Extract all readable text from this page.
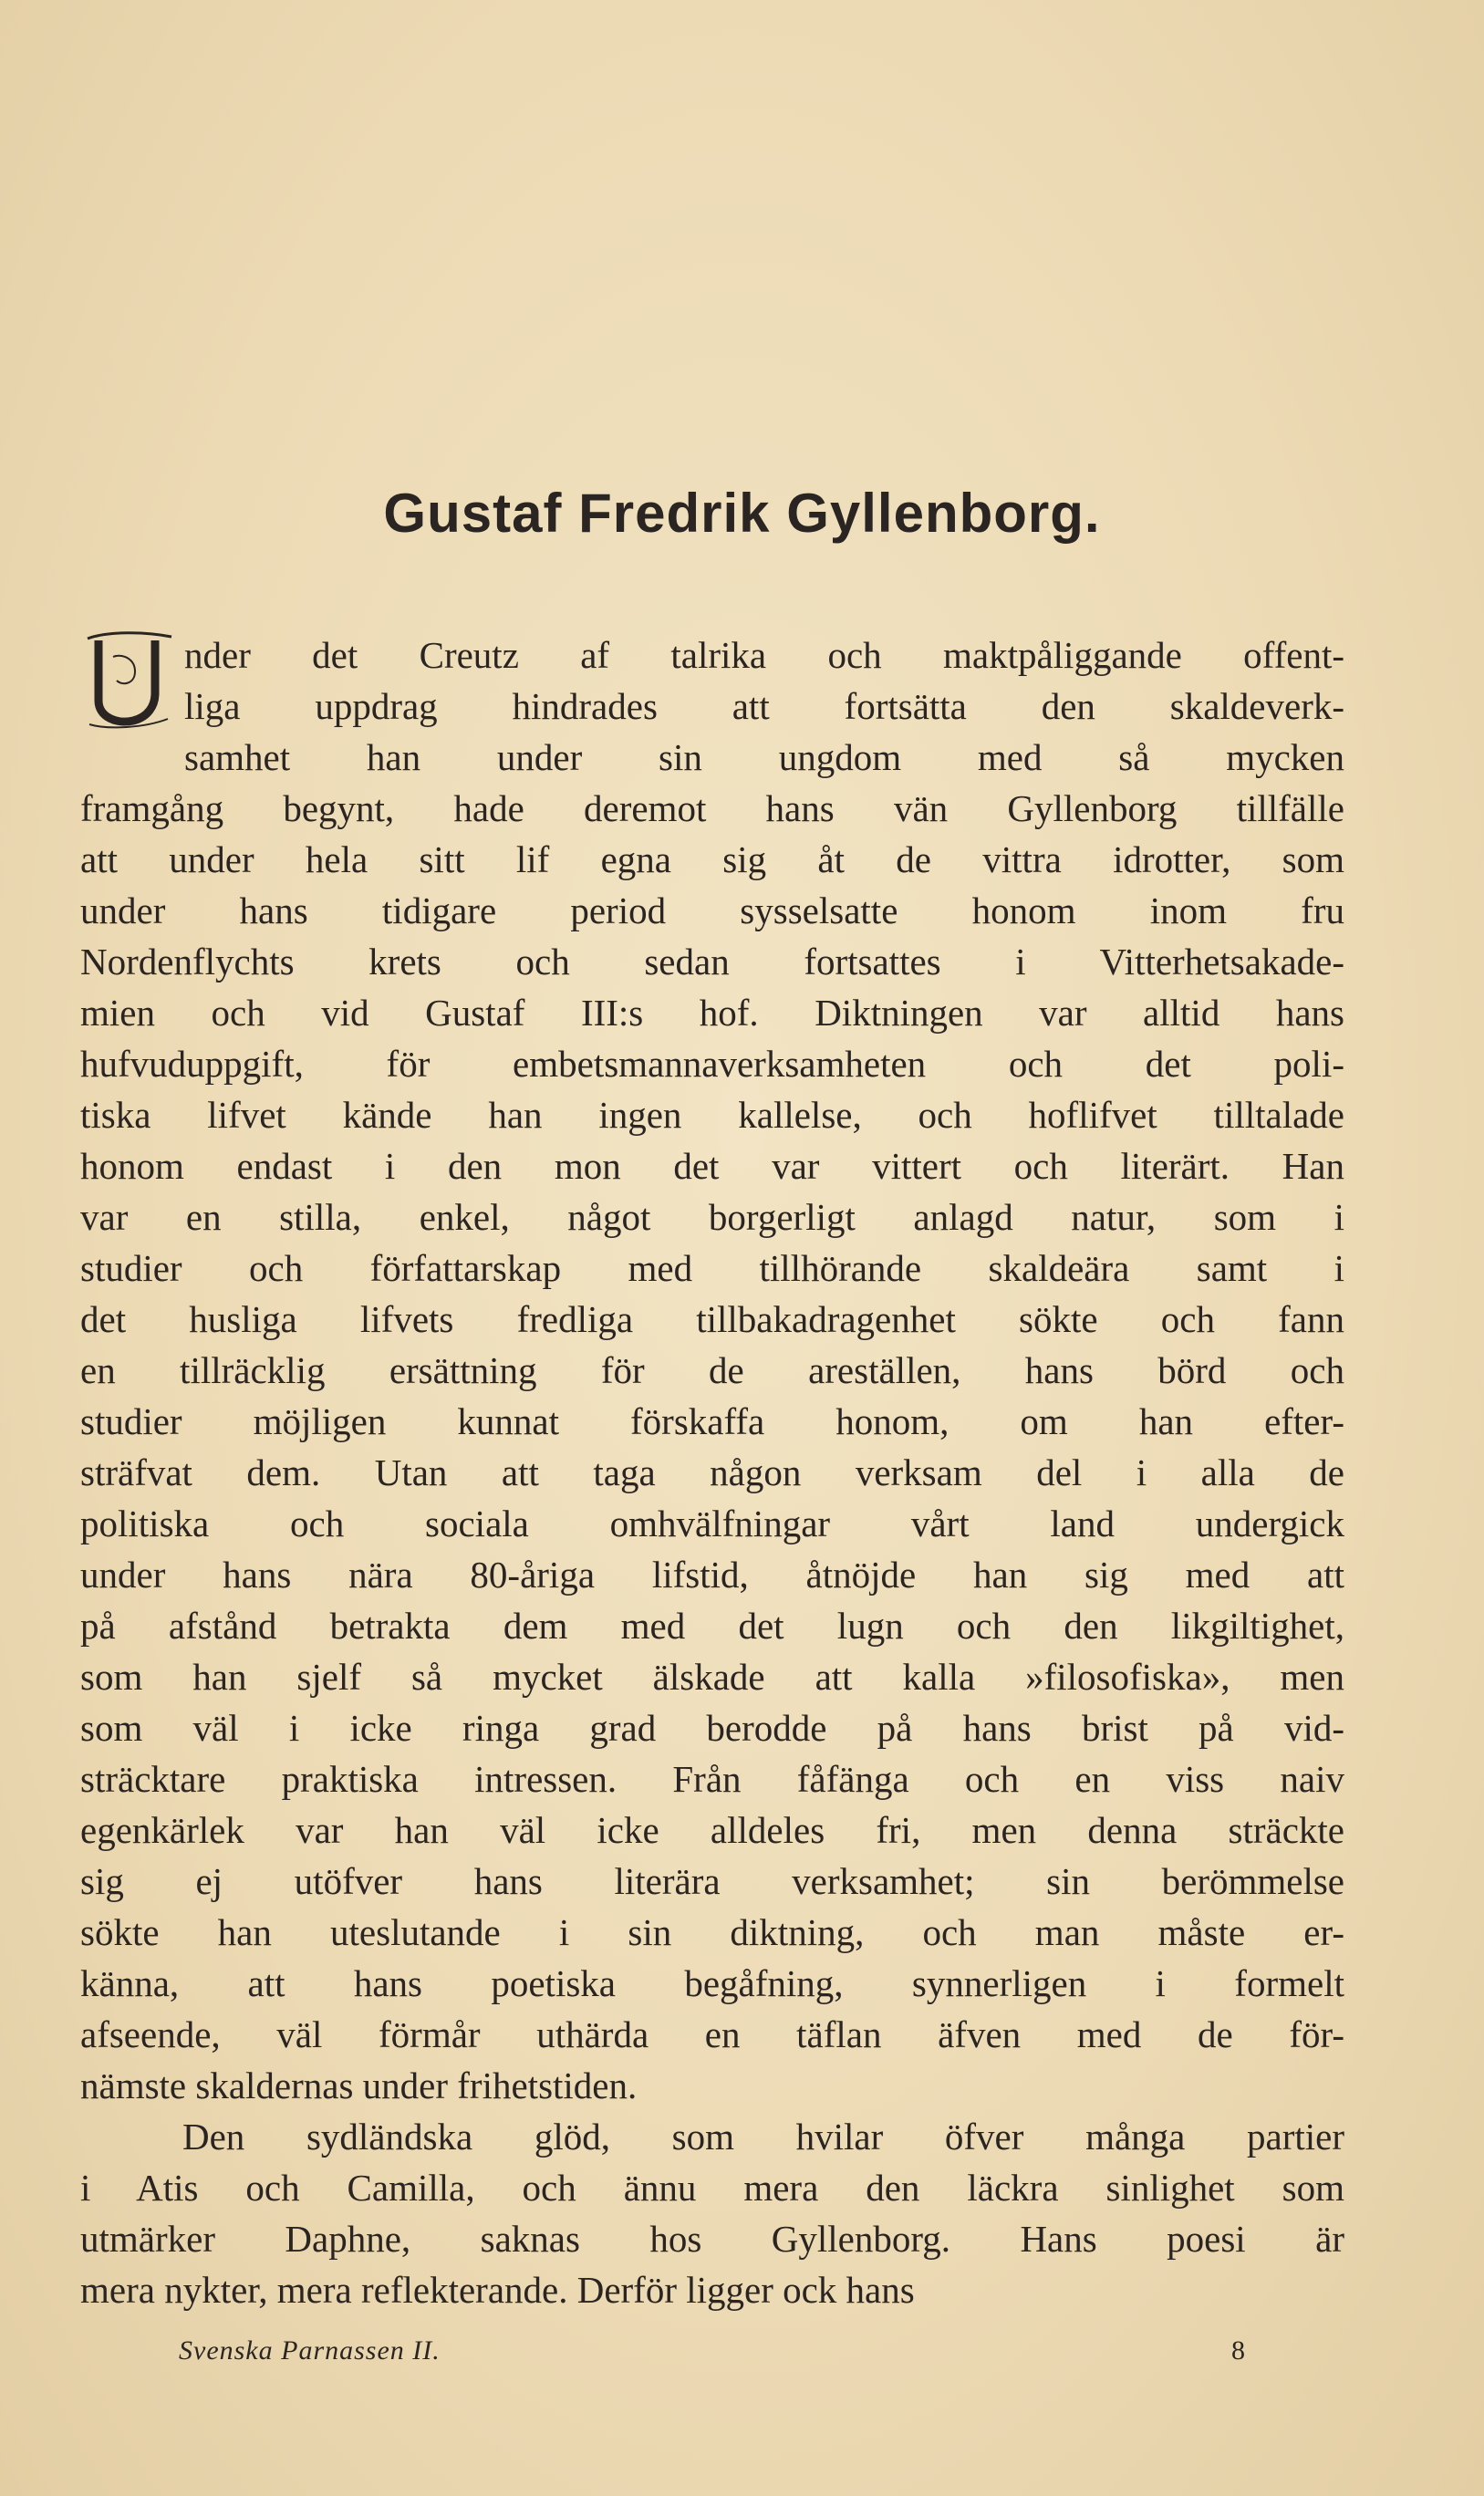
Gustaf Fredrik Gyllenborg.
U
nder det Creutz af talrika och maktpåliggande offent-
liga uppdrag hindrades att fortsätta den skaldeverk-
samhet han under sin ungdom med så mycken
framgång begynt, hade deremot hans vän Gyllenborg tillfälle
att under hela sitt lif egna sig åt de vittra idrotter, som
under hans tidigare period sysselsatte honom inom fru
Nordenflychts krets och sedan fortsattes i Vitterhetsakade-
mien och vid Gustaf III:s hof. Diktningen var alltid hans
hufvuduppgift, för embetsmannaverksamheten och det poli-
tiska lifvet kände han ingen kallelse, och hoflifvet tilltalade
honom endast i den mon det var vittert och literärt. Han
var en stilla, enkel, något borgerligt anlagd natur, som i
studier och författarskap med tillhörande skaldeära samt i
det husliga lifvets fredliga tillbakadragenhet sökte och fann
en tillräcklig ersättning för de areställen, hans börd och
studier möjligen kunnat förskaffa honom, om han efter-
sträfvat dem. Utan att taga någon verksam del i alla de
politiska och sociala omhvälfningar vårt land undergick
under hans nära 80-åriga lifstid, åtnöjde han sig med att
på afstånd betrakta dem med det lugn och den likgiltighet,
som han sjelf så mycket älskade att kalla »filosofiska», men
som väl i icke ringa grad berodde på hans brist på vid-
sträcktare praktiska intressen. Från fåfänga och en viss naiv
egenkärlek var han väl icke alldeles fri, men denna sträckte
sig ej utöfver hans literära verksamhet; sin berömmelse
sökte han uteslutande i sin diktning, och man måste er-
känna, att hans poetiska begåfning, synnerligen i formelt
afseende, väl förmår uthärda en täflan äfven med de för-
nämste skaldernas under frihetstiden.
Den sydländska glöd, som hvilar öfver många partier
i Atis och Camilla, och ännu mera den läckra sinlighet som
utmärker Daphne, saknas hos Gyllenborg. Hans poesi är
mera nykter, mera reflekterande. Derför ligger ock hans
Svenska Parnassen II.	8
